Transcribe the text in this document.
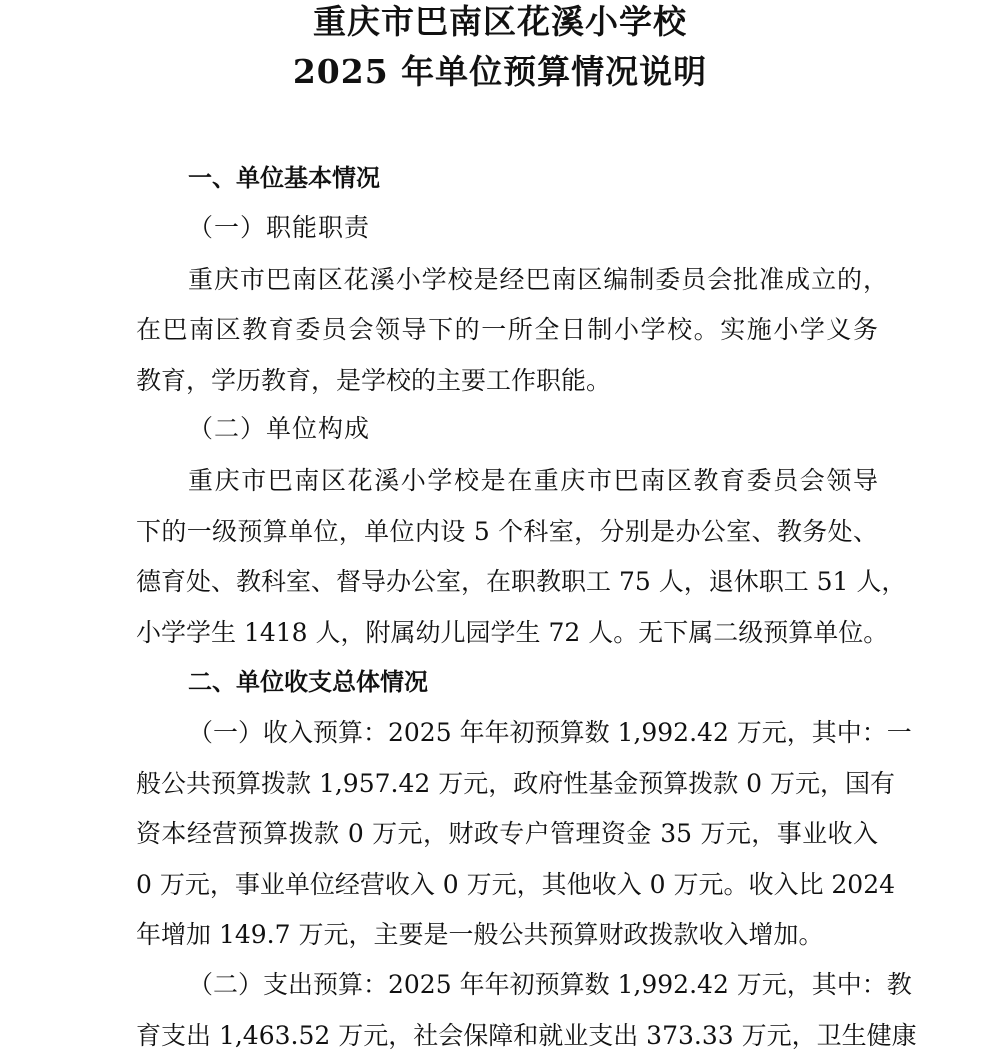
重庆市巴南区花溪小学校
2025 年单位预算情况说明
一、单位基本情况
（一）职能职责
重庆市巴南区花溪小学校是经巴南区编制委员会批准成立的，
在巴南区教育委员会领导下的一所全日制小学校。实施小学义务
教育，学历教育，是学校的主要工作职能。
（二）单位构成
重庆市巴南区花溪小学校是在重庆市巴南区教育委员会领导
下的一级预算单位，单位内设 5 个科室，分别是办公室、教务处、
德育处、教科室、督导办公室，在职教职工 75 人，退休职工 51 人，
小学学生 1418 人，附属幼儿园学生 72 人。无下属二级预算单位。
二、单位收支总体情况
（一）收入预算：2025 年年初预算数 1,992.42 万元，其中：一
般公共预算拨款 1,957.42 万元，政府性基金预算拨款 0 万元，国有
资本经营预算拨款 0 万元，财政专户管理资金 35 万元，事业收入
0 万元，事业单位经营收入 0 万元，其他收入 0 万元。收入比 2024
年增加 149.7 万元，主要是一般公共预算财政拨款收入增加。
（二）支出预算：2025 年年初预算数 1,992.42 万元，其中：教
育支出 1,463.52 万元，社会保障和就业支出 373.33 万元，卫生健康
